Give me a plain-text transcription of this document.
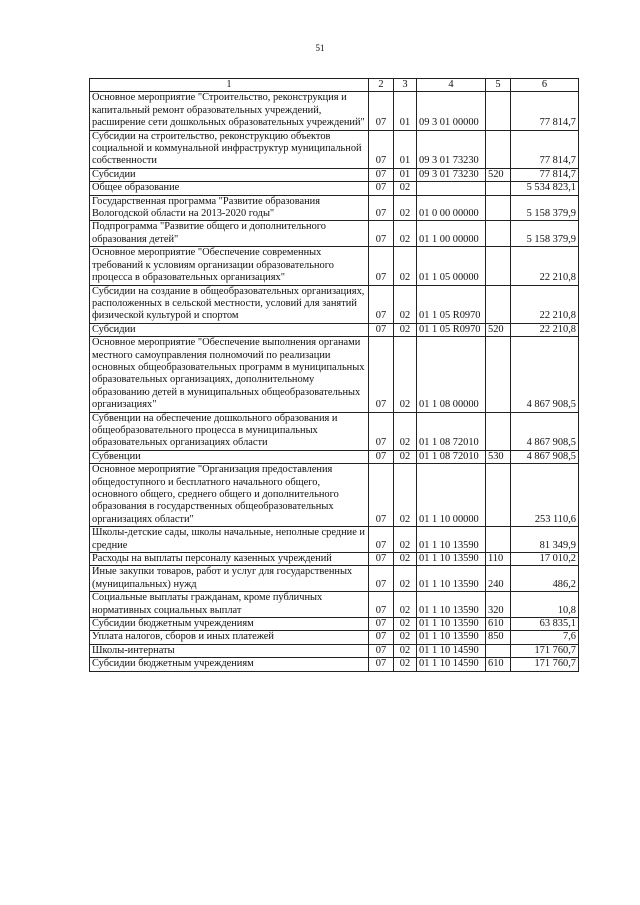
51
1	2	3	4	5	6
Основное мероприятие "Строительство, реконструкция и капитальный ремонт образовательных учреждений, расширение сети дошкольных образовательных учреждений"	07	01	09 3 01 00000		77 814,7
Субсидии на строительство, реконструкцию объектов социальной и коммунальной инфраструктур муниципальной собственности	07	01	09 3 01 73230		77 814,7
Субсидии	07	01	09 3 01 73230	520	77 814,7
Общее образование	07	02			5 534 823,1
Государственная программа "Развитие образования Вологодской области на 2013-2020 годы"	07	02	01 0 00 00000		5 158 379,9
Подпрограмма "Развитие общего и дополнительного образования детей"	07	02	01 1 00 00000		5 158 379,9
Основное мероприятие "Обеспечение современных требований к условиям организации образовательного процесса в образовательных организациях"	07	02	01 1 05 00000		22 210,8
Субсидии на создание в общеобразовательных организациях, расположенных в сельской местности, условий для занятий физической культурой и спортом	07	02	01 1 05 R0970		22 210,8
Субсидии	07	02	01 1 05 R0970	520	22 210,8
Основное мероприятие "Обеспечение выполнения органами местного самоуправления полномочий по реализации основных общеобразовательных программ в муниципальных образовательных организациях, дополнительному образованию детей в муниципальных общеобразовательных организациях"	07	02	01 1 08 00000		4 867 908,5
Субвенции на обеспечение дошкольного образования и общеобразовательного процесса в муниципальных образовательных организациях области	07	02	01 1 08 72010		4 867 908,5
Субвенции	07	02	01 1 08 72010	530	4 867 908,5
Основное мероприятие "Организация предоставления общедоступного и бесплатного начального общего, основного общего, среднего общего и дополнительного образования в государственных общеобразовательных организациях области"	07	02	01 1 10 00000		253 110,6
Школы-детские сады, школы начальные, неполные средние и средние	07	02	01 1 10 13590		81 349,9
Расходы на выплаты персоналу казенных учреждений	07	02	01 1 10 13590	110	17 010,2
Иные закупки товаров, работ и услуг для государственных (муниципальных) нужд	07	02	01 1 10 13590	240	486,2
Социальные выплаты гражданам, кроме публичных нормативных социальных выплат	07	02	01 1 10 13590	320	10,8
Субсидии бюджетным учреждениям	07	02	01 1 10 13590	610	63 835,1
Уплата налогов, сборов и иных платежей	07	02	01 1 10 13590	850	7,6
Школы-интернаты	07	02	01 1 10 14590		171 760,7
Субсидии бюджетным учреждениям	07	02	01 1 10 14590	610	171 760,7
